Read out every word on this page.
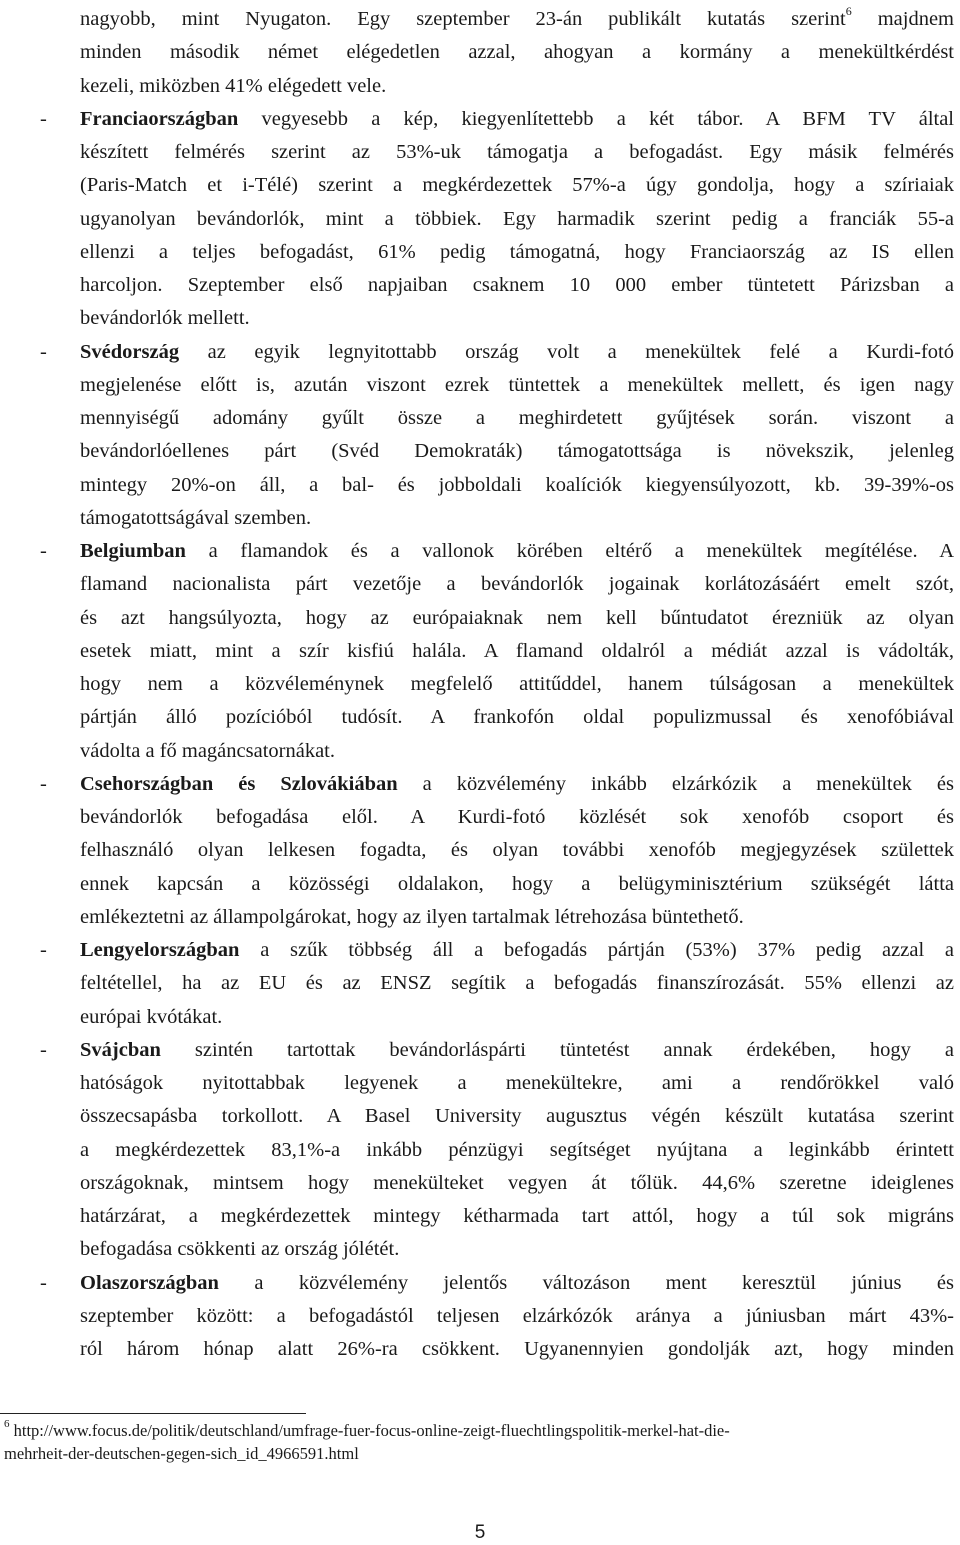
nagyobb, mint Nyugaton. Egy szeptember 23-án publikált kutatás szerint$^6$ majdnem
minden második német elégedetlen azzal, ahogyan a kormány a menekültkérdést
kezeli, miközben 41% elégedett vele.
- Franciaországban vegyesebb a kép, kiegyenlítettebb a két tábor. A BFM TV által
készített felmérés szerint az 53%-uk támogatja a befogadást. Egy másik felmérés
(Paris-Match et i-Télé) szerint a megkérdezettek 57%-a úgy gondolja, hogy a szíriaiak
ugyanolyan bevándorlók, mint a többiek. Egy harmadik szerint pedig a franciák 55-a
ellenzi a teljes befogadást, 61% pedig támogatná, hogy Franciaország az IS ellen
harcoljon. Szeptember első napjaiban csaknem 10 000 ember tüntetett Párizsban a
bevándorlók mellett.
- Svédország az egyik legnyitottabb ország volt a menekültek felé a Kurdi-fotó
megjelenése előtt is, azután viszont ezrek tüntettek a menekültek mellett, és igen nagy
mennyiségű adomány gyűlt össze a meghirdetett gyűjtések során. viszont a
bevándorlóellenes párt (Svéd Demokraták) támogatottsága is növekszik, jelenleg
mintegy 20%-on áll, a bal- és jobboldali koalíciók kiegyensúlyozott, kb. 39-39%-os
támogatottságával szemben.
- Belgiumban a flamandok és a vallonok körében eltérő a menekültek megítélése. A
flamand nacionalista párt vezetője a bevándorlók jogainak korlátozásáért emelt szót,
és azt hangsúlyozta, hogy az európaiaknak nem kell bűntudatot érezniük az olyan
esetek miatt, mint a szír kisfiú halála. A flamand oldalról a médiát azzal is vádolták,
hogy nem a közvéleménynek megfelelő attitűddel, hanem túlságosan a menekültek
pártján álló pozícióból tudósít. A frankofón oldal populizmussal és xenofóbiával
vádolta a fő magáncsatornákat.
- Csehországban és Szlovákiában a közvélemény inkább elzárkózik a menekültek és
bevándorlók befogadása elől. A Kurdi-fotó közlését sok xenofób csoport és
felhasználó olyan lelkesen fogadta, és olyan további xenofób megjegyzések születtek
ennek kapcsán a közösségi oldalakon, hogy a belügyminisztérium szükségét látta
emlékeztetni az állampolgárokat, hogy az ilyen tartalmak létrehozása büntethető.
- Lengyelországban a szűk többség áll a befogadás pártján (53%) 37% pedig azzal a
feltétellel, ha az EU és az ENSZ segítik a befogadás finanszírozását. 55% ellenzi az
európai kvótákat.
- Svájcban szintén tartottak bevándorláspárti tüntetést annak érdekében, hogy a
hatóságok nyitottabbak legyenek a menekültekre, ami a rendőrökkel való
összecsapásba torkollott. A Basel University augusztus végén készült kutatása szerint
a megkérdezettek 83,1%-a inkább pénzügyi segítséget nyújtana a leginkább érintett
országoknak, mintsem hogy menekülteket vegyen át tőlük. 44,6% szeretne ideiglenes
határzárat, a megkérdezettek mintegy kétharmada tart attól, hogy a túl sok migráns
befogadása csökkenti az ország jólétét.
- Olaszországban a közvélemény jelentős változáson ment keresztül június és
szeptember között: a befogadástól teljesen elzárkózók aránya a júniusban márt 43%-
ról három hónap alatt 26%-ra csökkent. Ugyanennyien gondolják azt, hogy minden
$^6$ http://www.focus.de/politik/deutschland/umfrage-fuer-focus-online-zeigt-fluechtlingspolitik-merkel-hat-die-
mehrheit-der-deutschen-gegen-sich_id_4966591.html
5
